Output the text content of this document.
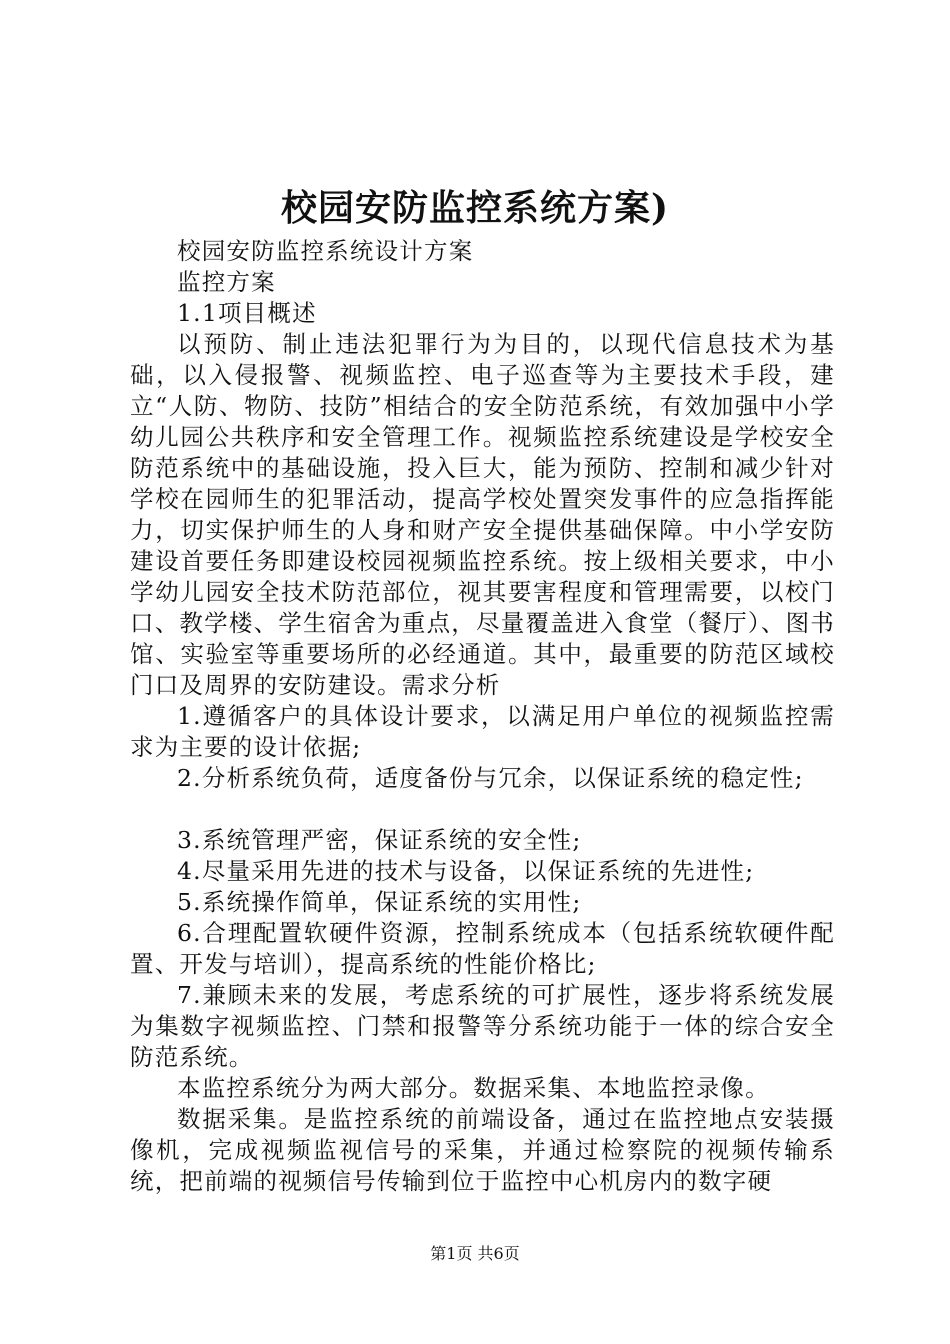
校园安防监控系统方案)

校园安防监控系统设计方案

监控方案

1.1项目概述

以预防、制止违法犯罪行为为目的，以现代信息技术为基础，以入侵报警、视频监控、电子巡查等为主要技术手段，建立“人防、物防、技防”相结合的安全防范系统，有效加强中小学幼儿园公共秩序和安全管理工作。视频监控系统建设是学校安全防范系统中的基础设施，投入巨大，能为预防、控制和减少针对学校在园师生的犯罪活动，提高学校处置突发事件的应急指挥能力，切实保护师生的人身和财产安全提供基础保障。中小学安防建设首要任务即建设校园视频监控系统。按上级相关要求，中小学幼儿园安全技术防范部位，视其要害程度和管理需要，以校门口、教学楼、学生宿舍为重点，尽量覆盖进入食堂（餐厅）、图书馆、实验室等重要场所的必经通道。其中，最重要的防范区域校门口及周界的安防建设。需求分析

1.遵循客户的具体设计要求，以满足用户单位的视频监控需求为主要的设计依据;

2.分析系统负荷，适度备份与冗余，以保证系统的稳定性;

3.系统管理严密，保证系统的安全性;

4.尽量采用先进的技术与设备，以保证系统的先进性;

5.系统操作简单，保证系统的实用性;

6.合理配置软硬件资源，控制系统成本（包括系统软硬件配置、开发与培训），提高系统的性能价格比;

7.兼顾未来的发展，考虑系统的可扩展性，逐步将系统发展为集数字视频监控、门禁和报警等分系统功能于一体的综合安全防范系统。

本监控系统分为两大部分。数据采集、本地监控录像。

数据采集。是监控系统的前端设备，通过在监控地点安装摄像机，完成视频监视信号的采集，并通过检察院的视频传输系统，把前端的视频信号传输到位于监控中心机房内的数字硬

第1页 共6页
